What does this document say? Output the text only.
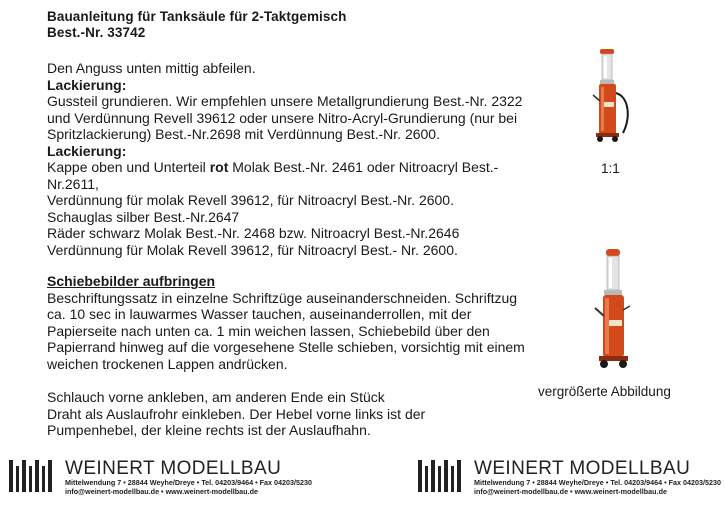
Bauanleitung für Tanksäule für 2-Taktgemisch
Best.-Nr. 33742

Den Anguss unten mittig abfeilen.

Lackierung:

Gussteil grundieren. Wir empfehlen unsere Metallgrundierung Best.-Nr. 2322

und Verdünnung Revell 39612 oder unsere Nitro-Acryl-Grundierung (nur bei

Spritzlackierung) Best.-Nr.2698 mit Verdünnung Best.-Nr. 2600.

Lackierung:

Kappe oben und Unterteil rot Molak Best.-Nr. 2461 oder Nitroacryl Best.-

Nr.2611,

Verdünnung für molak Revell 39612, für Nitroacryl Best.-Nr. 2600.

Schauglas silber Best.-Nr.2647

Räder schwarz Molak Best.-Nr. 2468 bzw. Nitroacryl Best.-Nr.2646

Verdünnung für Molak Revell 39612, für Nitroacryl Best.- Nr. 2600.

Schiebebilder aufbringen

Beschriftungssatz in einzelne Schriftzüge auseinanderschneiden. Schriftzug

ca. 10 sec in lauwarmes Wasser tauchen, auseinanderrollen, mit der

Papierseite nach unten ca. 1 min weichen lassen, Schiebebild über den

Papierrand hinweg auf die vorgesehene Stelle schieben, vorsichtig mit einem

weichen trockenen Lappen andrücken.

Schlauch vorne ankleben, am anderen Ende ein Stück

Draht als Auslaufrohr einkleben. Der Hebel vorne links ist der

Pumpenhebel, der kleine rechts ist der Auslaufhahn.

1:1
vergrößerte Abbildung
WEINERT MODELLBAU
Mittelwendung 7 • 28844 Weyhe/Dreye • Tel. 04203/9464 • Fax 04203/5230
info@weinert-modellbau.de • www.weinert-modellbau.de
WEINERT MODELLBAU
Mittelwendung 7 • 28844 Weyhe/Dreye • Tel. 04203/9464 • Fax 04203/5230
info@weinert-modellbau.de • www.weinert-modellbau.de
